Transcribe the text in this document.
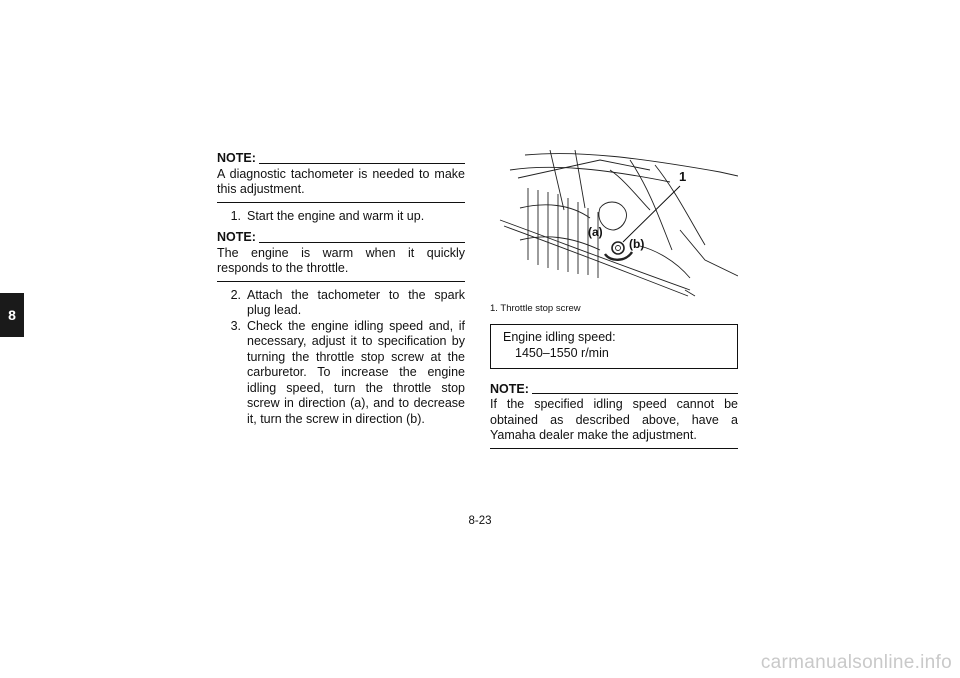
8
NOTE:
A diagnostic tachometer is needed to make this adjustment.
1. Start the engine and warm it up.
NOTE:
The engine is warm when it quickly responds to the throttle.
2. Attach the tachometer to the spark plug lead.
3. Check the engine idling speed and, if necessary, adjust it to specification by turning the throttle stop screw at the carburetor. To increase the engine idling speed, turn the throttle stop screw in direction (a), and to decrease it, turn the screw in direction (b).
1
(a)
(b)
1. Throttle stop screw
Engine idling speed:
1450–1550 r/min
NOTE:
If the specified idling speed cannot be obtained as described above, have a Yamaha dealer make the adjustment.
8-23
carmanualsonline.info
